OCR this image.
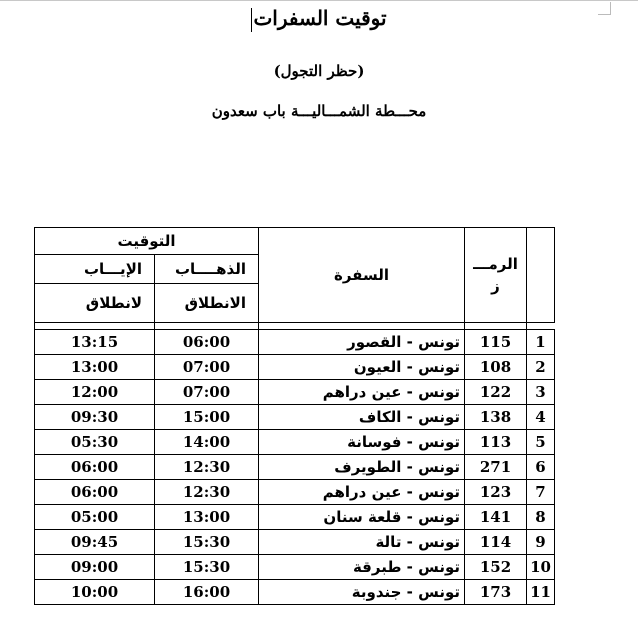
توقيت السفرات
(حظر التجول)
محـــطة الشمـــاليـــة باب سعدون
التوقيت		السفرة	الرمـــ
ز	

الإيـــاب	الذهــــاب			
لانطلاق	الانطلاق			

13:15	06:00	تونس - القصور	115	1
13:00	07:00	تونس - العيون	108	2
12:00	07:00	تونس - عين دراهم	122	3
09:30	15:00	تونس - الكاف	138	4
05:30	14:00	تونس - فوسانة	113	5
06:00	12:30	تونس - الطويرف	271	6
06:00	12:30	تونس - عين دراهم	123	7
05:00	13:00	تونس - قلعة سنان	141	8
09:45	15:30	تونس - تالة	114	9
09:00	15:30	تونس - طبرقة	152	10
10:00	16:00	تونس - جندوبة	173	11
